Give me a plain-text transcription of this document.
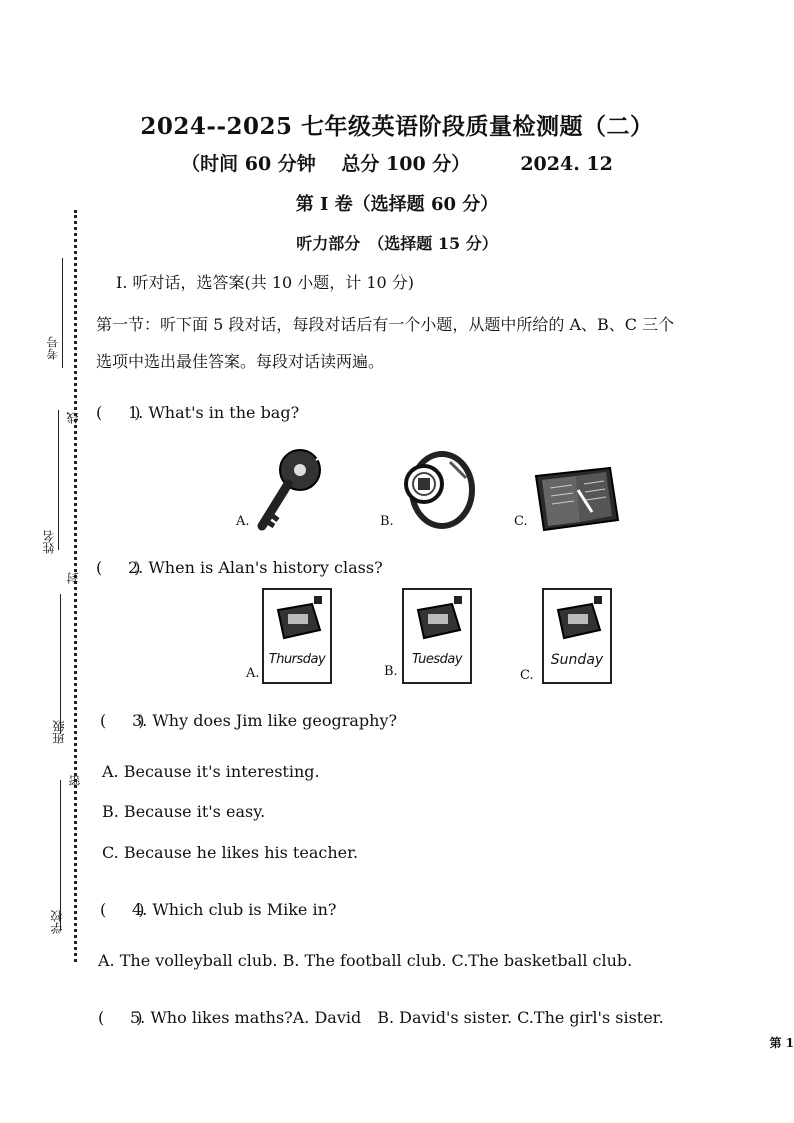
2024--2025 七年级英语阶段质量检测题（二）
（时间 60 分钟　 总分 100 分）	2024. 12
第 I 卷（选择题 60 分）
听力部分　（选择题 15 分）
Ⅰ. 听对话，选答案(共 10 小题，计 10 分)
第一节：听下面 5 段对话，每段对话后有一个小题，从题中所给的 A、B、C 三个
选项中选出最佳答案。每段对话读两遍。
(　　)1. What's in the bag?
A.	B.	C.
(　　)2. When is Alan's history class?
Thursday
A.
Tuesday
B.
Sunday
C.
(　　)3. Why does Jim like geography?
A. Because it's interesting.
B. Because it's easy.
C. Because he likes his teacher.
(　　)4. Which club is Mike in?
A. The volleyball club. B. The football club. C.The basketball club.
(　　)5. Who likes maths?A. David　B. David's sister. C.The girl's sister.
考号
姓名
班级
学校
线
封
密
第 1
